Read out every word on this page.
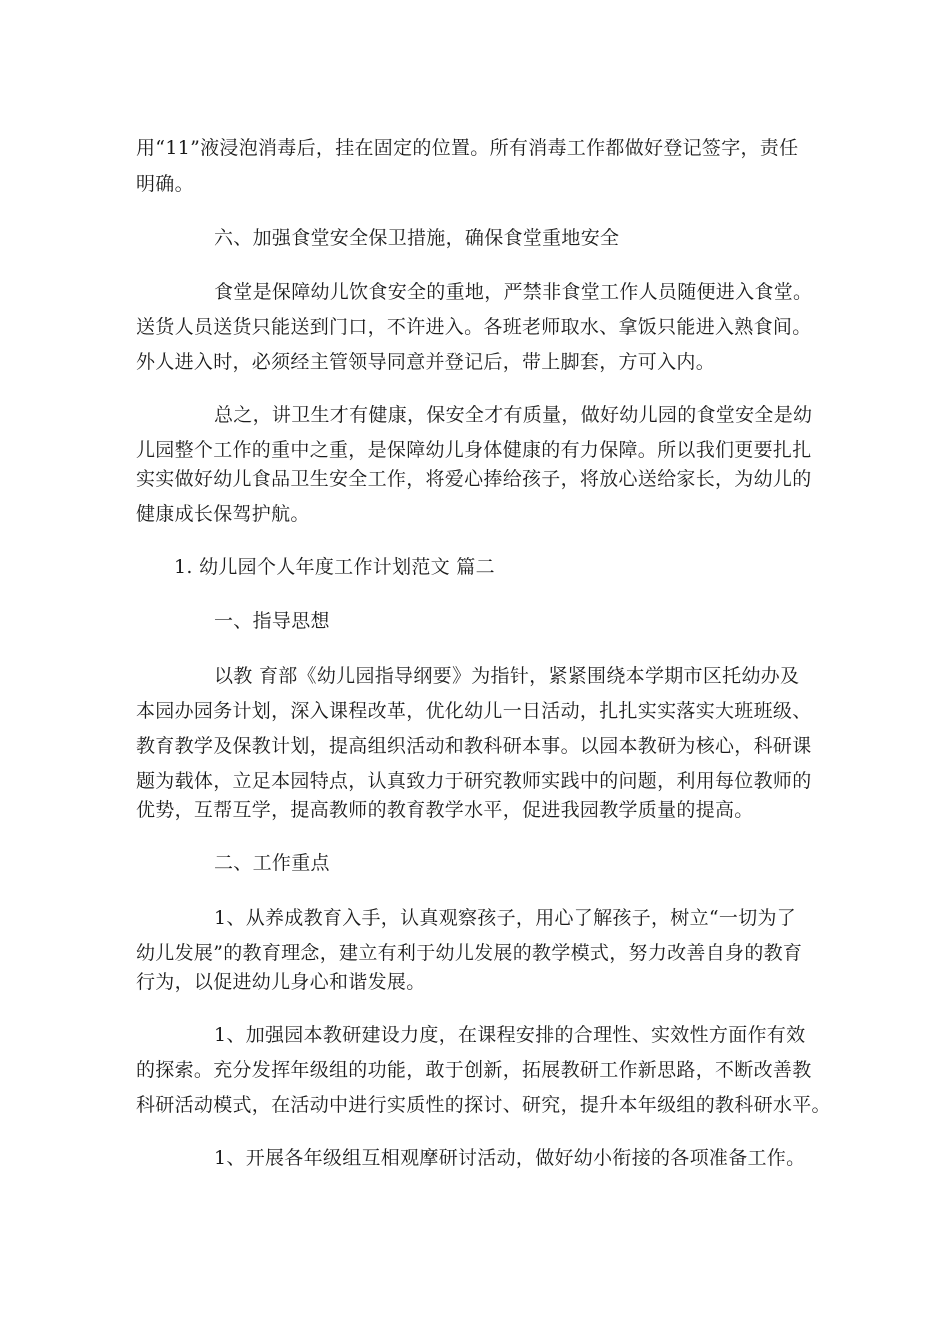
用“11”液浸泡消毒后，挂在固定的位置。所有消毒工作都做好登记签字，责任
明确。
六、加强食堂安全保卫措施，确保食堂重地安全
食堂是保障幼儿饮食安全的重地，严禁非食堂工作人员随便进入食堂。
送货人员送货只能送到门口，不许进入。各班老师取水、拿饭只能进入熟食间。
外人进入时，必须经主管领导同意并登记后，带上脚套，方可入内。
总之，讲卫生才有健康，保安全才有质量，做好幼儿园的食堂安全是幼
儿园整个工作的重中之重，是保障幼儿身体健康的有力保障。所以我们更要扎扎
实实做好幼儿食品卫生安全工作，将爱心捧给孩子，将放心送给家长，为幼儿的
健康成长保驾护航。
1. 幼儿园个人年度工作计划范文 篇二
一、指导思想
以教 育部《幼儿园指导纲要》为指针，紧紧围绕本学期市区托幼办及
本园办园务计划，深入课程改革，优化幼儿一日活动，扎扎实实落实大班班级、
教育教学及保教计划，提高组织活动和教科研本事。以园本教研为核心，科研课
题为载体，立足本园特点，认真致力于研究教师实践中的问题，利用每位教师的
优势，互帮互学，提高教师的教育教学水平，促进我园教学质量的提高。
二、工作重点
1、从养成教育入手，认真观察孩子，用心了解孩子，树立“一切为了
幼儿发展”的教育理念，建立有利于幼儿发展的教学模式，努力改善自身的教育
行为，以促进幼儿身心和谐发展。
1、加强园本教研建设力度，在课程安排的合理性、实效性方面作有效
的探索。充分发挥年级组的功能，敢于创新，拓展教研工作新思路，不断改善教
科研活动模式，在活动中进行实质性的探讨、研究，提升本年级组的教科研水平。
1、开展各年级组互相观摩研讨活动，做好幼小衔接的各项准备工作。
